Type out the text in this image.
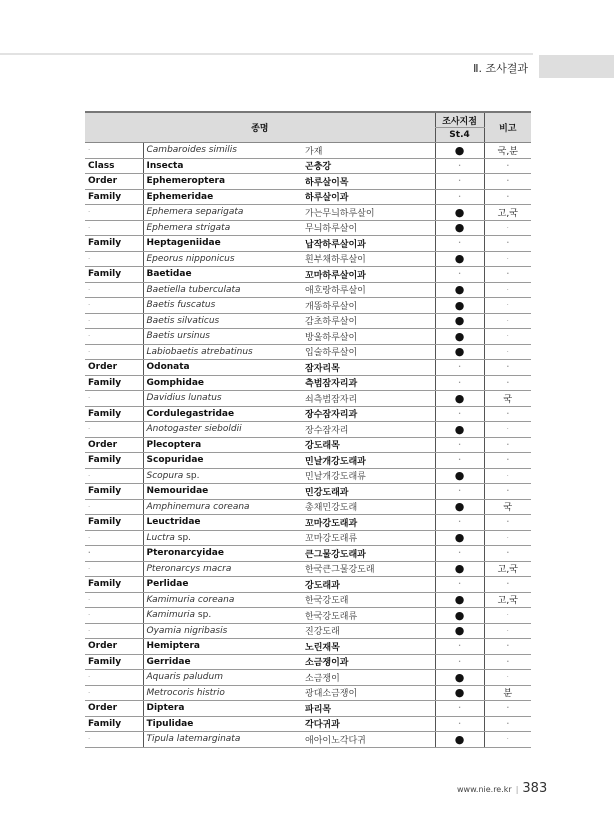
Ⅱ. 조사결과
종명			조사지점	비고
			St.4	
·	Cambaroides similis	가재	●	국,분
Class	Insecta	곤충강	·	·
Order	Ephemeroptera	하루살이목	·	·
Family	Ephemeridae	하루살이과	·	·
·	Ephemera separigata	가는무늬하루살이	●	고,국
·	Ephemera strigata	무늬하루살이	●	·
Family	Heptageniidae	납작하루살이과	·	·
·	Epeorus nipponicus	흰부채하루살이	●	·
Family	Baetidae	꼬마하루살이과	·	·
·	Baetiella tuberculata	애호랑하루살이	●	·
·	Baetis fuscatus	개똥하루살이	●	·
·	Baetis silvaticus	감초하루살이	●	·
·	Baetis ursinus	방울하루살이	●	·
·	Labiobaetis atrebatinus	입술하루살이	●	·
Order	Odonata	잠자리목	·	·
Family	Gomphidae	측범잠자리과	·	·
·	Davidius lunatus	쇠측범잠자리	●	국
Family	Cordulegastridae	장수잠자리과	·	·
·	Anotogaster sieboldii	장수잠자리	●	·
Order	Plecoptera	강도래목	·	·
Family	Scopuridae	민날개강도래과	·	·
·	Scopura sp.	민날개강도래류	●	·
Family	Nemouridae	민강도래과	·	·
·	Amphinemura coreana	총채민강도래	●	국
Family	Leuctridae	꼬마강도래과	·	·
·	Luctra sp.	꼬마강도래류	●	·
·	Pteronarcyidae	큰그물강도래과	·	·
·	Pteronarcys macra	한국큰그물강도래	●	고,국
Family	Perlidae	강도래과	·	·
·	Kamimuria coreana	한국강도래	●	고,국
·	Kamimuria sp.	한국강도래류	●	·
·	Oyamia nigribasis	진강도래	●	·
Order	Hemiptera	노린재목	·	·
Family	Gerridae	소금쟁이과	·	·
·	Aquaris paludum	소금쟁이	●	·
·	Metrocoris histrio	광대소금쟁이	●	분
Order	Diptera	파리목	·	·
Family	Tipulidae	각다귀과	·	·
·	Tipula latemarginata	애아이노각다귀	●	·
www.nie.re.kr | 383
